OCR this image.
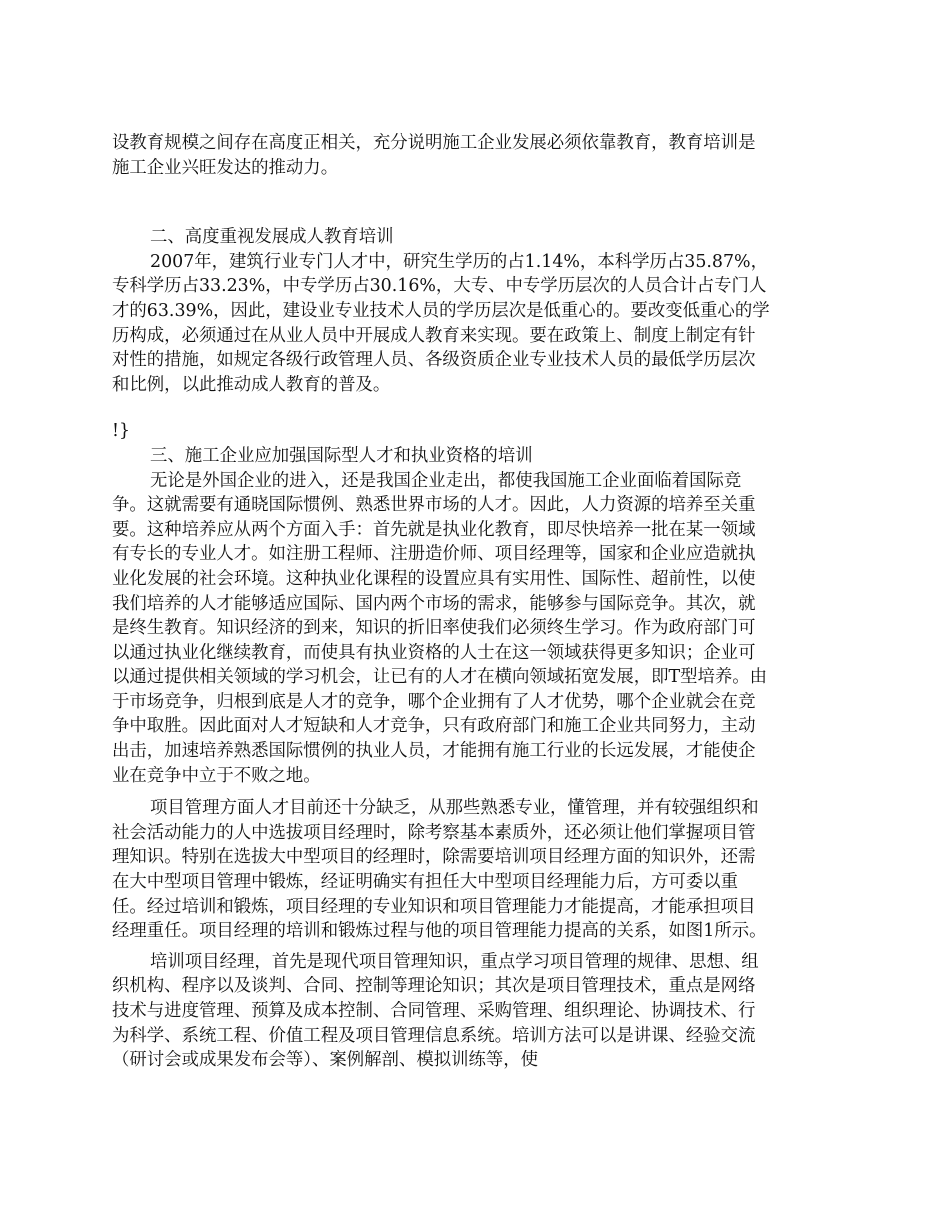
设教育规模之间存在高度正相关，充分说明施工企业发展必须依靠教育，教育培训是施工企业兴旺发达的推动力。

二、高度重视发展成人教育培训

2007年，建筑行业专门人才中，研究生学历的占1.14%，本科学历占35.87%，专科学历占33.23%，中专学历占30.16%，大专、中专学历层次的人员合计占专门人才的63.39%，因此，建设业专业技术人员的学历层次是低重心的。要改变低重心的学历构成，必须通过在从业人员中开展成人教育来实现。要在政策上、制度上制定有针对性的措施，如规定各级行政管理人员、各级资质企业专业技术人员的最低学历层次和比例，以此推动成人教育的普及。

!}

三、施工企业应加强国际型人才和执业资格的培训

无论是外国企业的进入，还是我国企业走出，都使我国施工企业面临着国际竞争。这就需要有通晓国际惯例、熟悉世界市场的人才。因此，人力资源的培养至关重要。这种培养应从两个方面入手：首先就是执业化教育，即尽快培养一批在某一领域有专长的专业人才。如注册工程师、注册造价师、项目经理等，国家和企业应造就执业化发展的社会环境。这种执业化课程的设置应具有实用性、国际性、超前性，以使我们培养的人才能够适应国际、国内两个市场的需求，能够参与国际竞争。其次，就是终生教育。知识经济的到来，知识的折旧率使我们必须终生学习。作为政府部门可以通过执业化继续教育，而使具有执业资格的人士在这一领域获得更多知识；企业可以通过提供相关领域的学习机会，让已有的人才在横向领域拓宽发展，即T型培养。由于市场竞争，归根到底是人才的竞争，哪个企业拥有了人才优势，哪个企业就会在竞争中取胜。因此面对人才短缺和人才竞争，只有政府部门和施工企业共同努力，主动出击，加速培养熟悉国际惯例的执业人员，才能拥有施工行业的长远发展，才能使企业在竞争中立于不败之地。

项目管理方面人才目前还十分缺乏，从那些熟悉专业，懂管理，并有较强组织和社会活动能力的人中选拔项目经理时，除考察基本素质外，还必须让他们掌握项目管理知识。特别在选拔大中型项目的经理时，除需要培训项目经理方面的知识外，还需在大中型项目管理中锻炼，经证明确实有担任大中型项目经理能力后，方可委以重任。经过培训和锻炼，项目经理的专业知识和项目管理能力才能提高，才能承担项目经理重任。项目经理的培训和锻炼过程与他的项目管理能力提高的关系，如图1所示。

培训项目经理，首先是现代项目管理知识，重点学习项目管理的规律、思想、组织机构、程序以及谈判、合同、控制等理论知识；其次是项目管理技术，重点是网络技术与进度管理、预算及成本控制、合同管理、采购管理、组织理论、协调技术、行为科学、系统工程、价值工程及项目管理信息系统。培训方法可以是讲课、经验交流 （研讨会或成果发布会等）、案例解剖、模拟训练等，使
